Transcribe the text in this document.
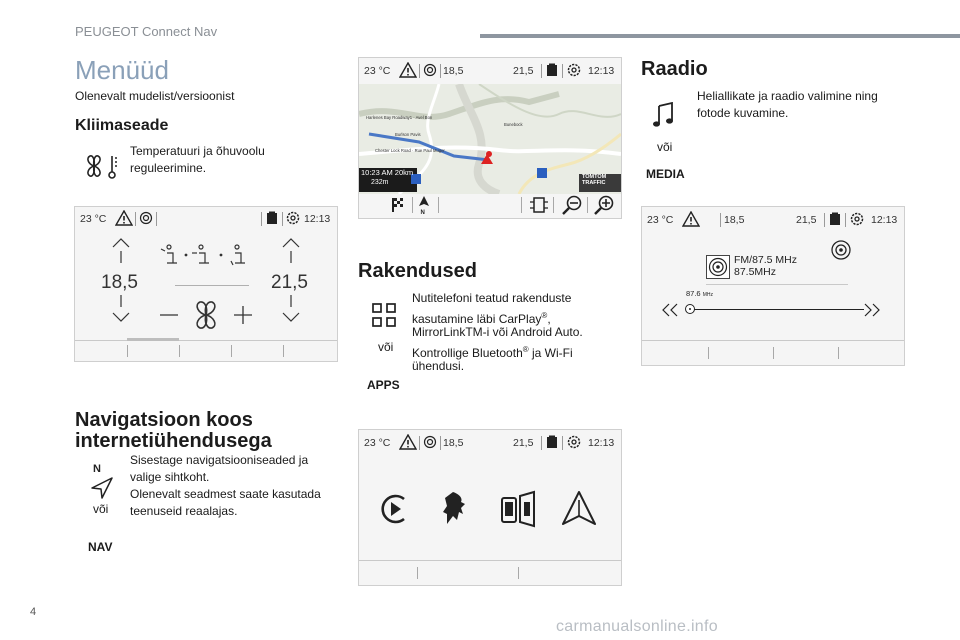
PEUGEOT Connect Nav
Menüüd
Olenevalt mudelist/versioonist
Kliimaseade
Temperatuuri ja õhuvoolu reguleerimine.
23 °C	12:13
18,5	21,5
Navigatsioon koos
internetiühendusega
N
või
NAV
Sisestage navigatsiooniseaded ja
valige sihtkoht.
Olenevalt seadmest saate kasutada
teenuseid reaalajas.
23 °C	18,5	21,5	12:13
Harlenes Bay Roadway1 · Avel Bon
Burlson Pavis
Bunebock
Chester Lock Road · Rue Paul Muger
10:23 AM 20km
232m
TOMTOM
TRAFFIC
N
Rakendused
või
APPS
Nutitelefoni teatud rakenduste
kasutamine läbi CarPlay®,
MirrorLinkTM-i või Android Auto.
Kontrollige Bluetooth® ja Wi-Fi
ühendusi.
23 °C	18,5	21,5	12:13
Raadio
või
MEDIA
Heliallikate ja raadio valimine ning
fotode kuvamine.
23 °C	18,5	21,5	12:13
FM/87.5 MHz
87.5MHz
87.6 MHz
4
carmanualsonline.info
